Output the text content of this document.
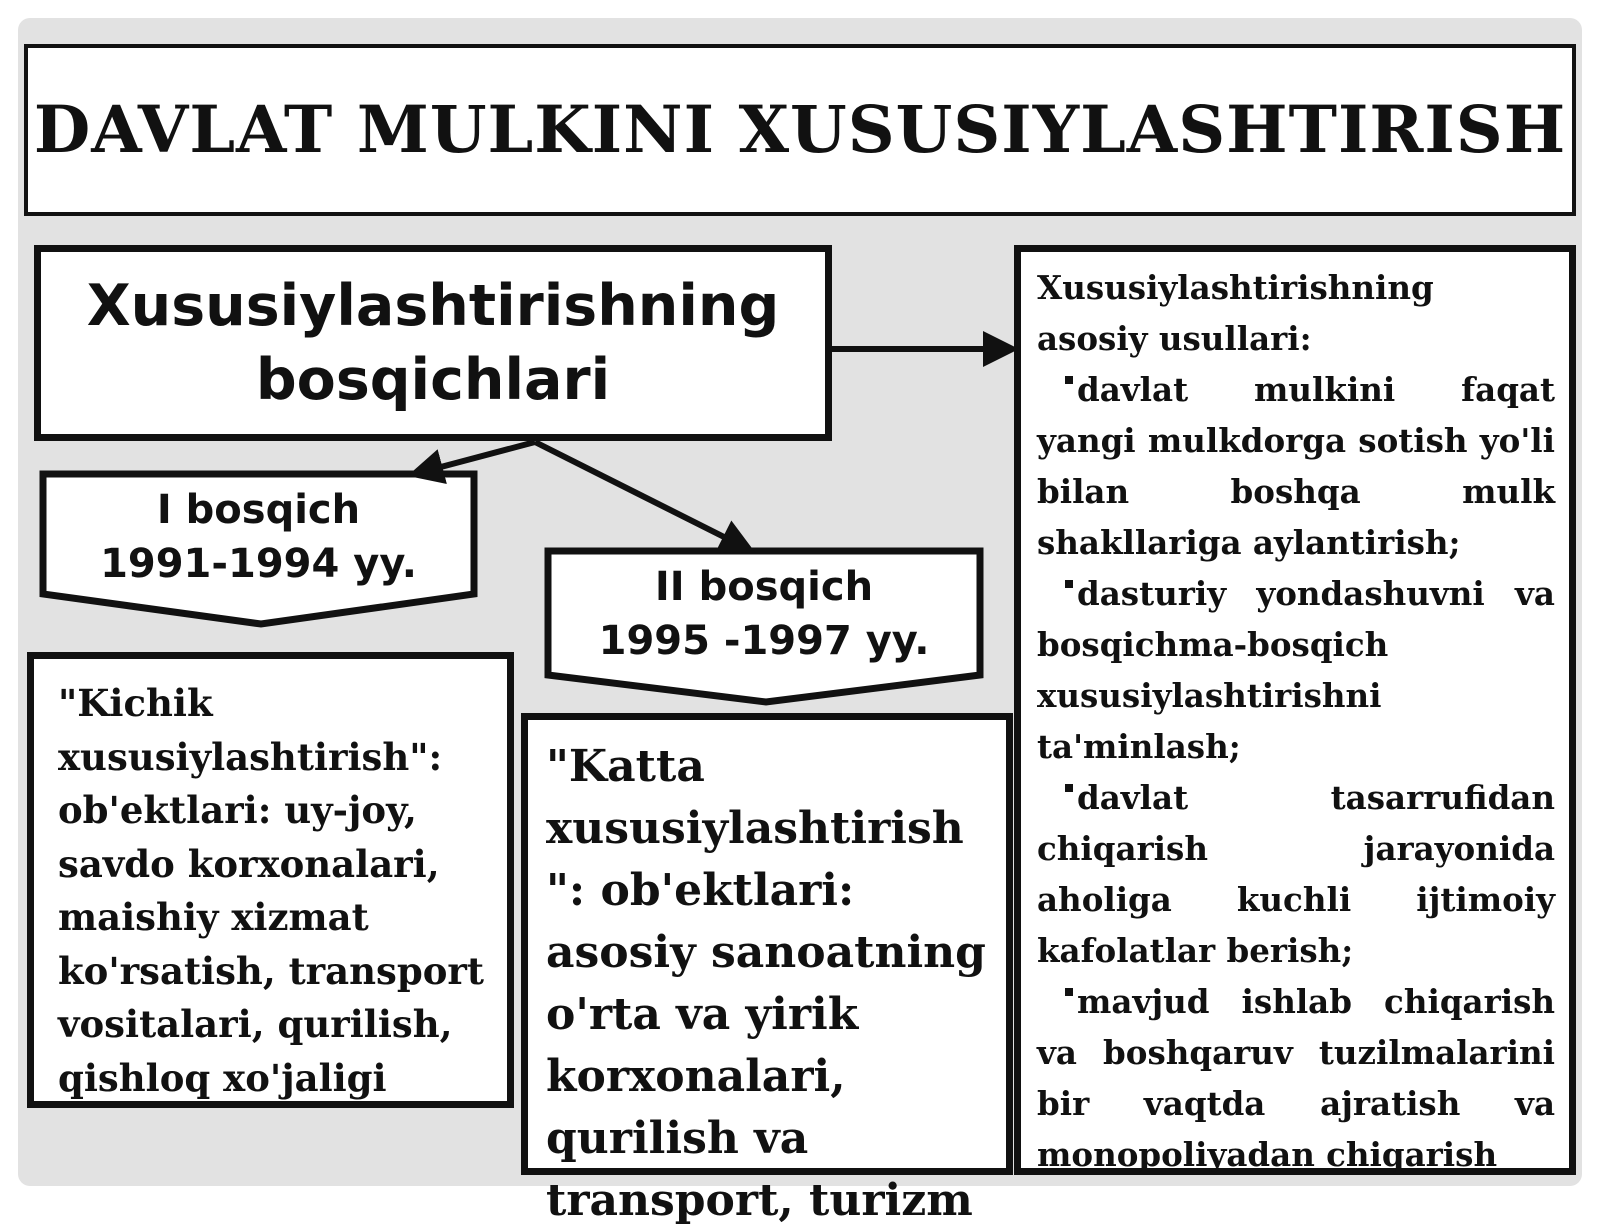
DAVLAT MULKINI XUSUSIYLASHTIRISH
Xususiylashtirishning
bosqichlari
I bosqich
1991-1994 yy.	II bosqich
1995 -1997 yy.
"Kichik xususiylashtirish": ob'ektlari: uy-joy, savdo korxonalari, maishiy xizmat ko'rsatish, transport vositalari, qurilish, qishloq xo'jaligi
"Katta xususiylashtirish ": ob'ektlari: asosiy sanoatning o'rta va yirik korxonalari, qurilish va transport, turizm
Xususiylashtirishning asosiy usullari:
davlat mulkini faqat yangi mulkdorga sotish yo'li bilan boshqa mulk shakllariga aylantirish;
dasturiy yondashuvni va bosqichma-bosqich xususiylashtirishni ta'minlash;
davlat tasarrufidan chiqarish jarayonida aholiga kuchli ijtimoiy kafolatlar berish;
mavjud ishlab chiqarish va boshqaruv tuzilmalarini bir vaqtda ajratish va monopoliyadan chiqarish
